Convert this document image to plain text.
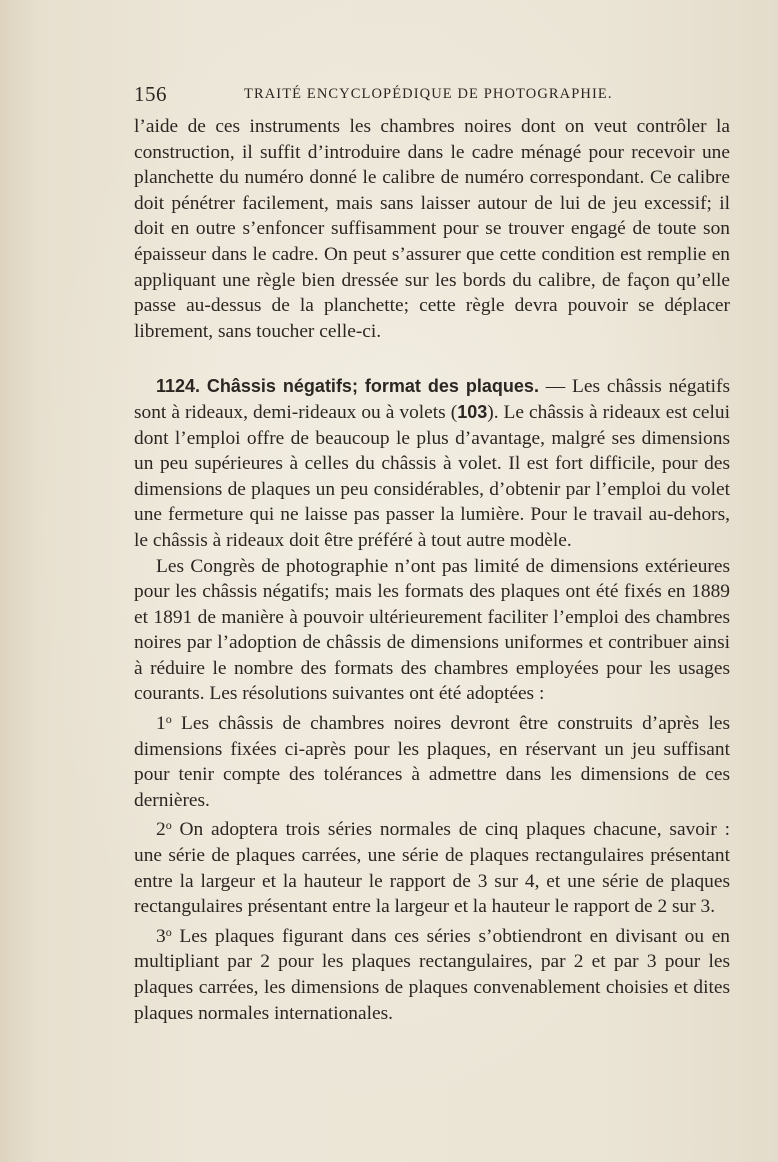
156	TRAITÉ ENCYCLOPÉDIQUE DE PHOTOGRAPHIE.

l’aide de ces instruments les chambres noires dont on veut contrôler la construction, il suffit d’introduire dans le cadre ménagé pour recevoir une planchette du numéro donné le calibre de numéro correspondant. Ce calibre doit pénétrer facilement, mais sans laisser autour de lui de jeu excessif; il doit en outre s’enfoncer suffisamment pour se trouver engagé de toute son épaisseur dans le cadre. On peut s’assurer que cette condition est remplie en appliquant une règle bien dressée sur les bords du calibre, de façon qu’elle passe au-dessus de la planchette; cette règle devra pouvoir se déplacer librement, sans toucher celle-ci.

1124. Châssis négatifs; format des plaques. — Les châssis négatifs sont à rideaux, demi-rideaux ou à volets (103). Le châssis à rideaux est celui dont l’emploi offre de beaucoup le plus d’avantage, malgré ses dimensions un peu supérieures à celles du châssis à volet. Il est fort difficile, pour des dimensions de plaques un peu considérables, d’obtenir par l’emploi du volet une fermeture qui ne laisse pas passer la lumière. Pour le travail au-dehors, le châssis à rideaux doit être préféré à tout autre modèle.

Les Congrès de photographie n’ont pas limité de dimensions extérieures pour les châssis négatifs; mais les formats des plaques ont été fixés en 1889 et 1891 de manière à pouvoir ultérieurement faciliter l’emploi des chambres noires par l’adoption de châssis de dimensions uniformes et contribuer ainsi à réduire le nombre des formats des chambres employées pour les usages courants. Les résolutions suivantes ont été adoptées :

1$^o$ Les châssis de chambres noires devront être construits d’après les dimensions fixées ci-après pour les plaques, en réservant un jeu suffisant pour tenir compte des tolérances à admettre dans les dimensions de ces dernières.

2$^o$ On adoptera trois séries normales de cinq plaques chacune, savoir : une série de plaques carrées, une série de plaques rectangulaires présentant entre la largeur et la hauteur le rapport de 3 sur 4, et une série de plaques rectangulaires présentant entre la largeur et la hauteur le rapport de 2 sur 3.

3$^o$ Les plaques figurant dans ces séries s’obtiendront en divisant ou en multipliant par 2 pour les plaques rectangulaires, par 2 et par 3 pour les plaques carrées, les dimensions de plaques convenablement choisies et dites plaques normales internationales.
